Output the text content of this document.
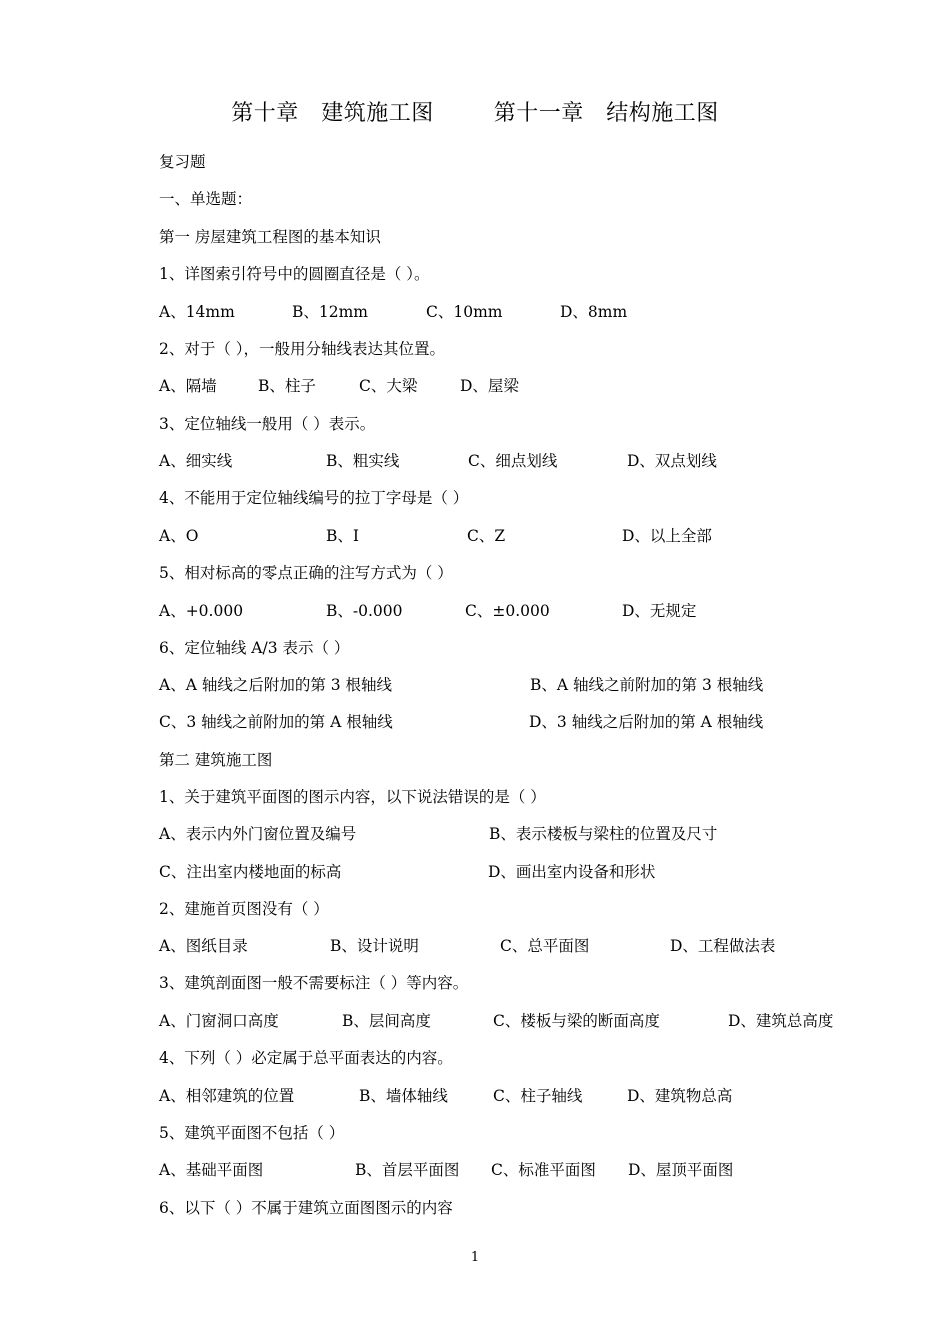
第十章   建筑施工图        第十一章   结构施工图
复习题
一、单选题：
第一 房屋建筑工程图的基本知识
1、详图索引符号中的圆圈直径是（ ）。
A、14mm	B、12mm	C、10mm	D、8mm
2、对于（ ），一般用分轴线表达其位置。
A、隔墙	B、柱子	C、大梁	D、屋梁
3、定位轴线一般用（ ）表示。
A、细实线	B、粗实线	C、细点划线	D、双点划线
4、不能用于定位轴线编号的拉丁字母是（ ）
A、O	B、I	C、Z	D、以上全部
5、相对标高的零点正确的注写方式为（ ）
A、+0.000	B、-0.000	C、±0.000	D、无规定
6、定位轴线 A/3 表示（ ）
A、A 轴线之后附加的第 3 根轴线	B、A 轴线之前附加的第 3 根轴线
C、3 轴线之前附加的第 A 根轴线	D、3 轴线之后附加的第 A 根轴线
第二 建筑施工图
1、关于建筑平面图的图示内容，以下说法错误的是（ ）
A、表示内外门窗位置及编号	B、表示楼板与梁柱的位置及尺寸
C、注出室内楼地面的标高	D、画出室内设备和形状
2、建施首页图没有（ ）
A、图纸目录	B、设计说明	C、总平面图	D、工程做法表
3、建筑剖面图一般不需要标注（ ）等内容。
A、门窗洞口高度	B、层间高度	C、楼板与梁的断面高度	D、建筑总高度
4、下列（ ）必定属于总平面表达的内容。
A、相邻建筑的位置	B、墙体轴线	C、柱子轴线	D、建筑物总高
5、建筑平面图不包括（ ）
A、基础平面图	B、首层平面图 C、标准平面图 D、屋顶平面图
6、以下（ ）不属于建筑立面图图示的内容
1
